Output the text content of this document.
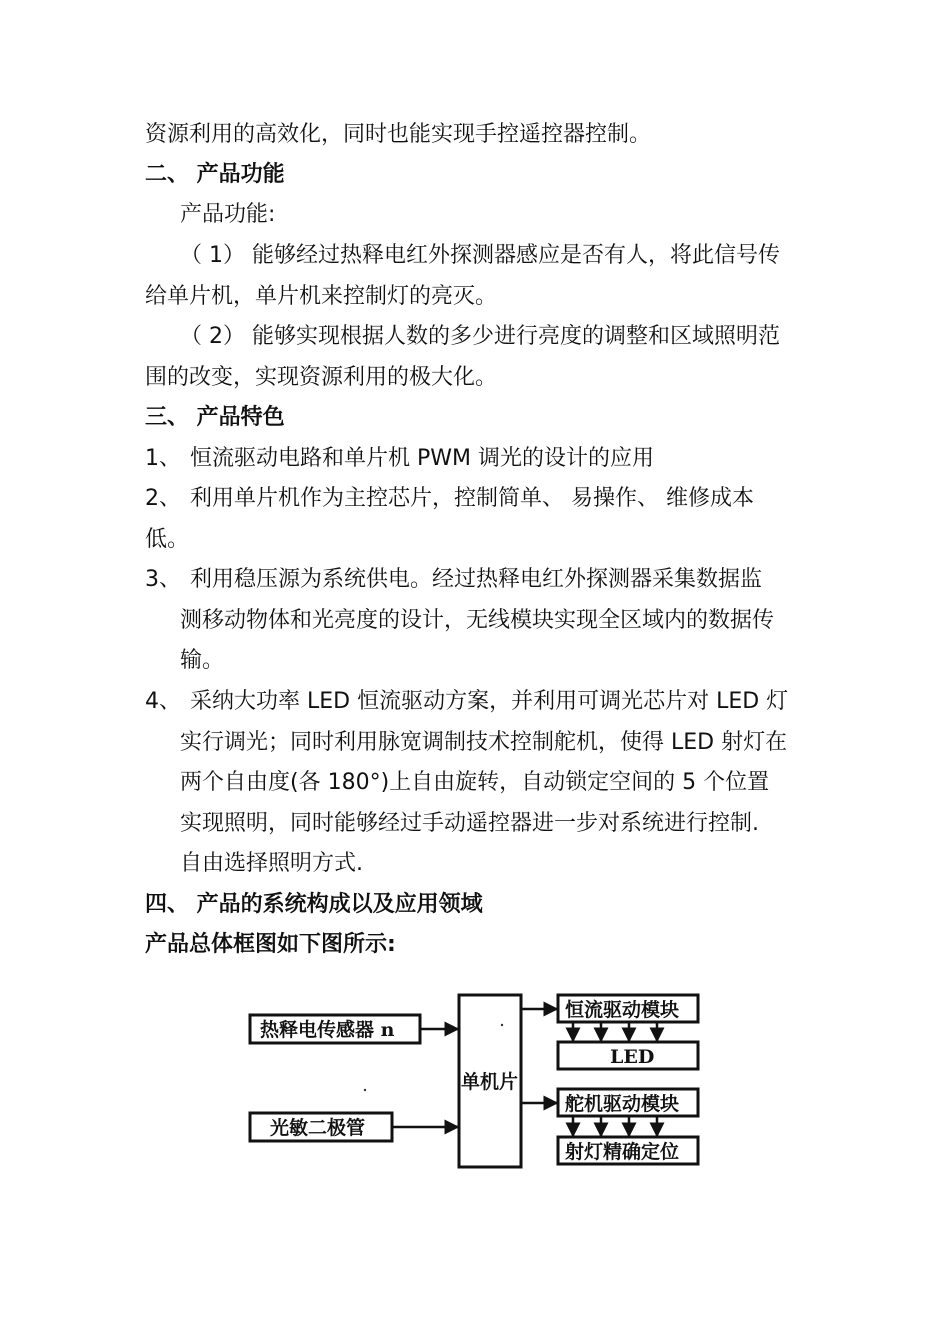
资源利用的高效化，同时也能实现手控遥控器控制。
二、 产品功能
产品功能:
（ 1） 能够经过热释电红外探测器感应是否有人，将此信号传
给单片机，单片机来控制灯的亮灭。
（ 2） 能够实现根据人数的多少进行亮度的调整和区域照明范
围的改变，实现资源利用的极大化。
三、 产品特色
1、 恒流驱动电路和单片机 PWM 调光的设计的应用
2、 利用单片机作为主控芯片，控制简单、 易操作、 维修成本
低。
3、 利用稳压源为系统供电。经过热释电红外探测器采集数据监
测移动物体和光亮度的设计，无线模块实现全区域内的数据传
输。
4、 采纳大功率 LED 恒流驱动方案，并利用可调光芯片对 LED 灯
实行调光；同时利用脉宽调制技术控制舵机，使得 LED 射灯在
两个自由度(各 180°)上自由旋转，自动锁定空间的 5 个位置
实现照明，同时能够经过手动遥控器进一步对系统进行控制.
自由选择照明方式.
四、 产品的系统构成以及应用领域
产品总体框图如下图所示:
热释电传感器 n
光敏二极管
单机片
恒流驱动模块
LED
舵机驱动模块
射灯精确定位
